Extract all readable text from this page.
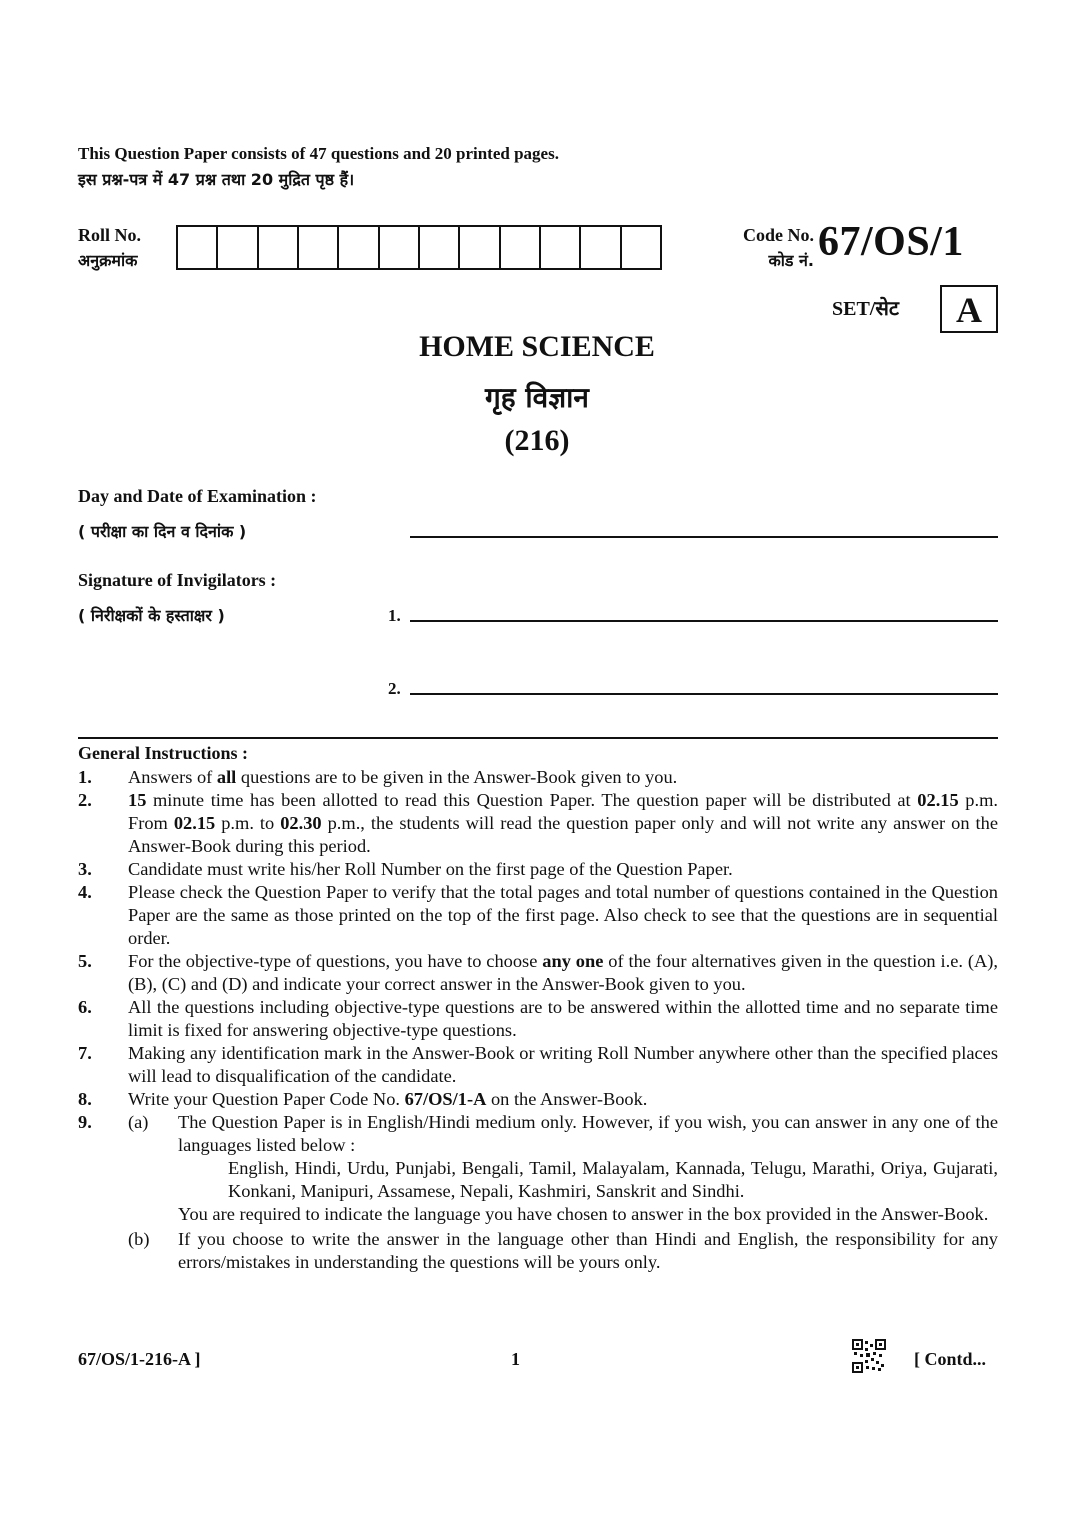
This Question Paper consists of 47 questions and 20 printed pages.
इस प्रश्न-पत्र में 47 प्रश्न तथा 20 मुद्रित पृष्ठ हैं।
Roll No.
अनुक्रमांक
Code No.
कोड नं. 67/OS/1
SET/सेट	A
HOME SCIENCE
गृह विज्ञान
(216)
Day and Date of Examination :
( परीक्षा का दिन व दिनांक )
Signature of Invigilators :
( निरीक्षकों के हस्ताक्षर )	1.
2.
General Instructions :
1.	Answers of all questions are to be given in the Answer-Book given to you.
2.	15 minute time has been allotted to read this Question Paper. The question paper will be distributed at 02.15 p.m. From 02.15 p.m. to 02.30 p.m., the students will read the question paper only and will not write any answer on the Answer-Book during this period.
3.	Candidate must write his/her Roll Number on the first page of the Question Paper.
4.	Please check the Question Paper to verify that the total pages and total number of questions contained in the Question Paper are the same as those printed on the top of the first page. Also check to see that the questions are in sequential order.
5.	For the objective-type of questions, you have to choose any one of the four alternatives given in the question i.e. (A), (B), (C) and (D) and indicate your correct answer in the Answer-Book given to you.
6.	All the questions including objective-type questions are to be answered within the allotted time and no separate time limit is fixed for answering objective-type questions.
7.	Making any identification mark in the Answer-Book or writing Roll Number anywhere other than the specified places will lead to disqualification of the candidate.
8.	Write your Question Paper Code No. 67/OS/1-A on the Answer-Book.
9.	(a)	The Question Paper is in English/Hindi medium only. However, if you wish, you can answer in any one of the languages listed below :
English, Hindi, Urdu, Punjabi, Bengali, Tamil, Malayalam, Kannada, Telugu, Marathi, Oriya, Gujarati, Konkani, Manipuri, Assamese, Nepali, Kashmiri, Sanskrit and Sindhi.
You are required to indicate the language you have chosen to answer in the box provided in the Answer-Book.
(b)	If you choose to write the answer in the language other than Hindi and English, the responsibility for any errors/mistakes in understanding the questions will be yours only.
67/OS/1-216-A ]	1	[ Contd...
